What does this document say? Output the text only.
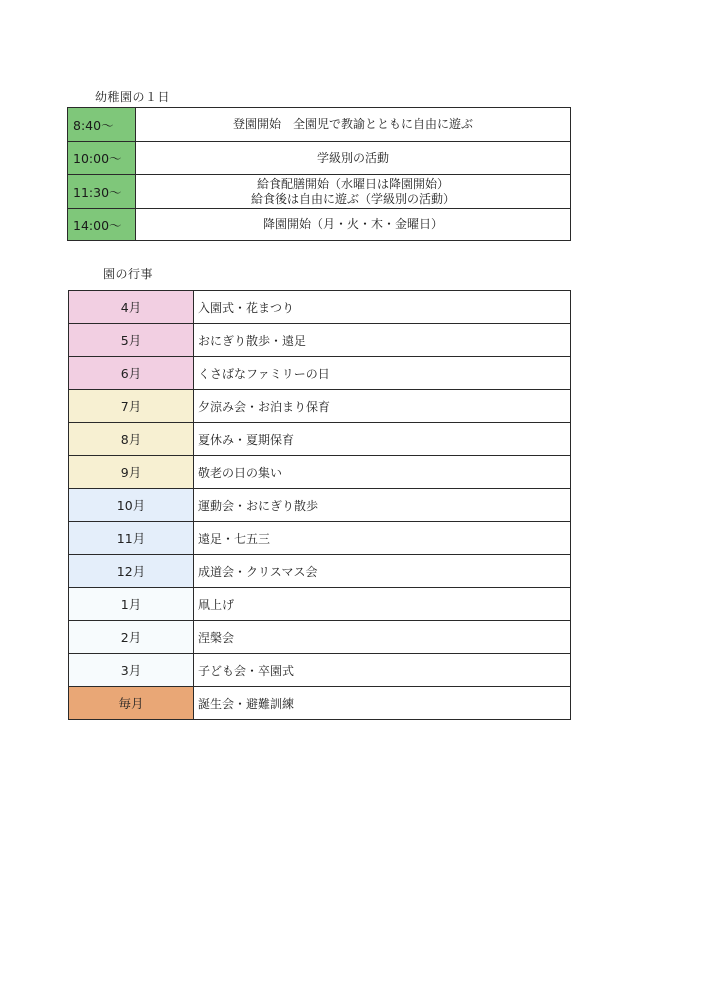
幼稚園の１日
8:40〜	登園開始　全園児で教諭とともに自由に遊ぶ

10:00〜	学級別の活動

11:30〜	給食配膳開始（水曜日は降園開始）
給食後は自由に遊ぶ（学級別の活動）

14:00〜	降園開始（月・火・木・金曜日）
園の行事
4月	入園式・花まつり
5月	おにぎり散歩・遠足
6月	くさばなファミリーの日
7月	夕涼み会・お泊まり保育
8月	夏休み・夏期保育
9月	敬老の日の集い
10月	運動会・おにぎり散歩
11月	遠足・七五三
12月	成道会・クリスマス会
1月	凧上げ
2月	涅槃会
3月	子ども会・卒園式
毎月	誕生会・避難訓練
